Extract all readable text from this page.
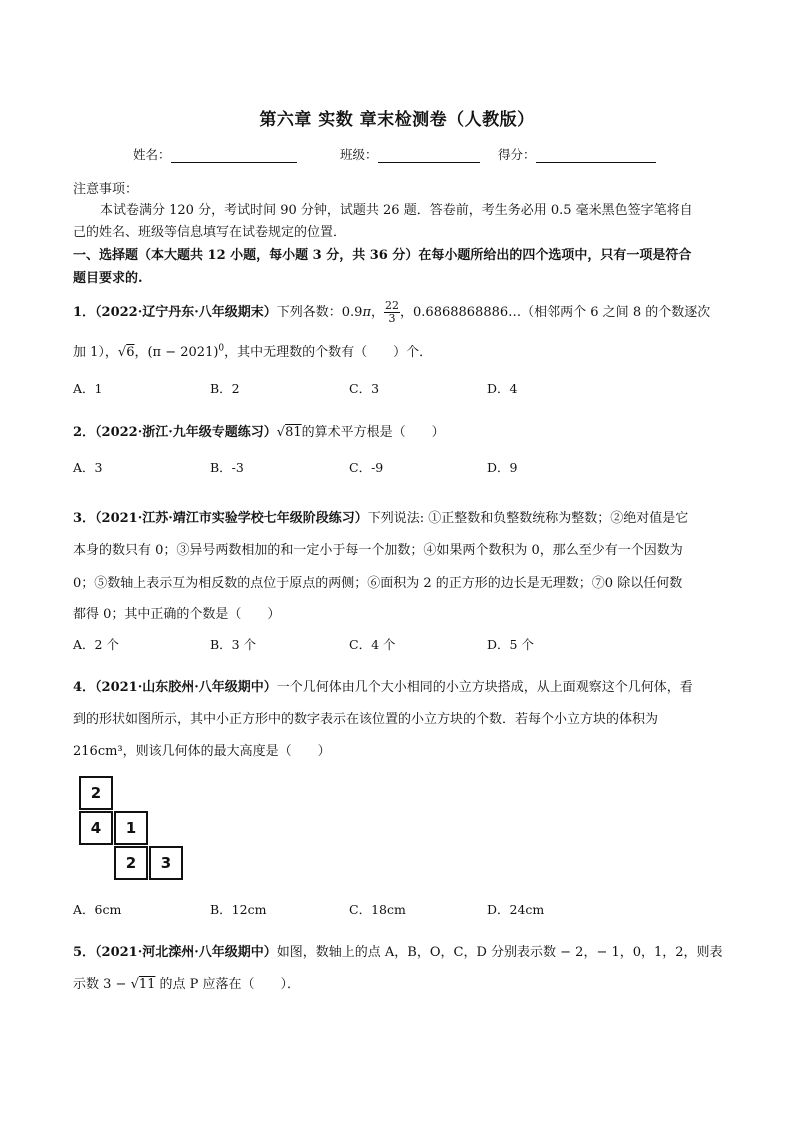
第六章 实数 章末检测卷（人教版）
姓名：	班级：	得分：
注意事项：
本试卷满分 120 分，考试时间 90 分钟，试题共 26 题．答卷前，考生务必用 0.5 毫米黑色签字笔将自
己的姓名、班级等信息填写在试卷规定的位置．
一、选择题（本大题共 12 小题，每小题 3 分，共 36 分）在每小题所给出的四个选项中，只有一项是符合
题目要求的.
1．（2022·辽宁丹东·八年级期末）下列各数：0.9π， $\frac{22}{3}$ ，0.6868868886…（相邻两个 6 之间 8 的个数逐次
加 1），√6，$(\pi - 2021)^0$，其中无理数的个数有（　　）个．
A．1	B．2	C．3	D．4
2．（2022·浙江·九年级专题练习）√81的算术平方根是（　　）
A．3	B．-3	C．-9	D．9
3．（2021·江苏·靖江市实验学校七年级阶段练习）下列说法: ①正整数和负整数统称为整数；②绝对值是它
本身的数只有 0；③异号两数相加的和一定小于每一个加数；④如果两个数积为 0，那么至少有一个因数为
0；⑤数轴上表示互为相反数的点位于原点的两侧；⑥面积为 2 的正方形的边长是无理数；⑦0 除以任何数
都得 0；其中正确的个数是（　　）
A．2 个	B．3 个	C．4 个	D．5 个
4．（2021·山东胶州·八年级期中）一个几何体由几个大小相同的小立方块搭成，从上面观察这个几何体，看
到的形状如图所示，其中小正方形中的数字表示在该位置的小立方块的个数．若每个小立方块的体积为
216cm³，则该几何体的最大高度是（　　）
2
4	1
2	3
A．6cm	B．12cm	C．18cm	D．24cm
5．（2021·河北滦州·八年级期中）如图，数轴上的点 A，B，O，C，D 分别表示数 − 2，− 1，0，1，2，则表
示数 3 − √11 的点 P 应落在（　　）．
